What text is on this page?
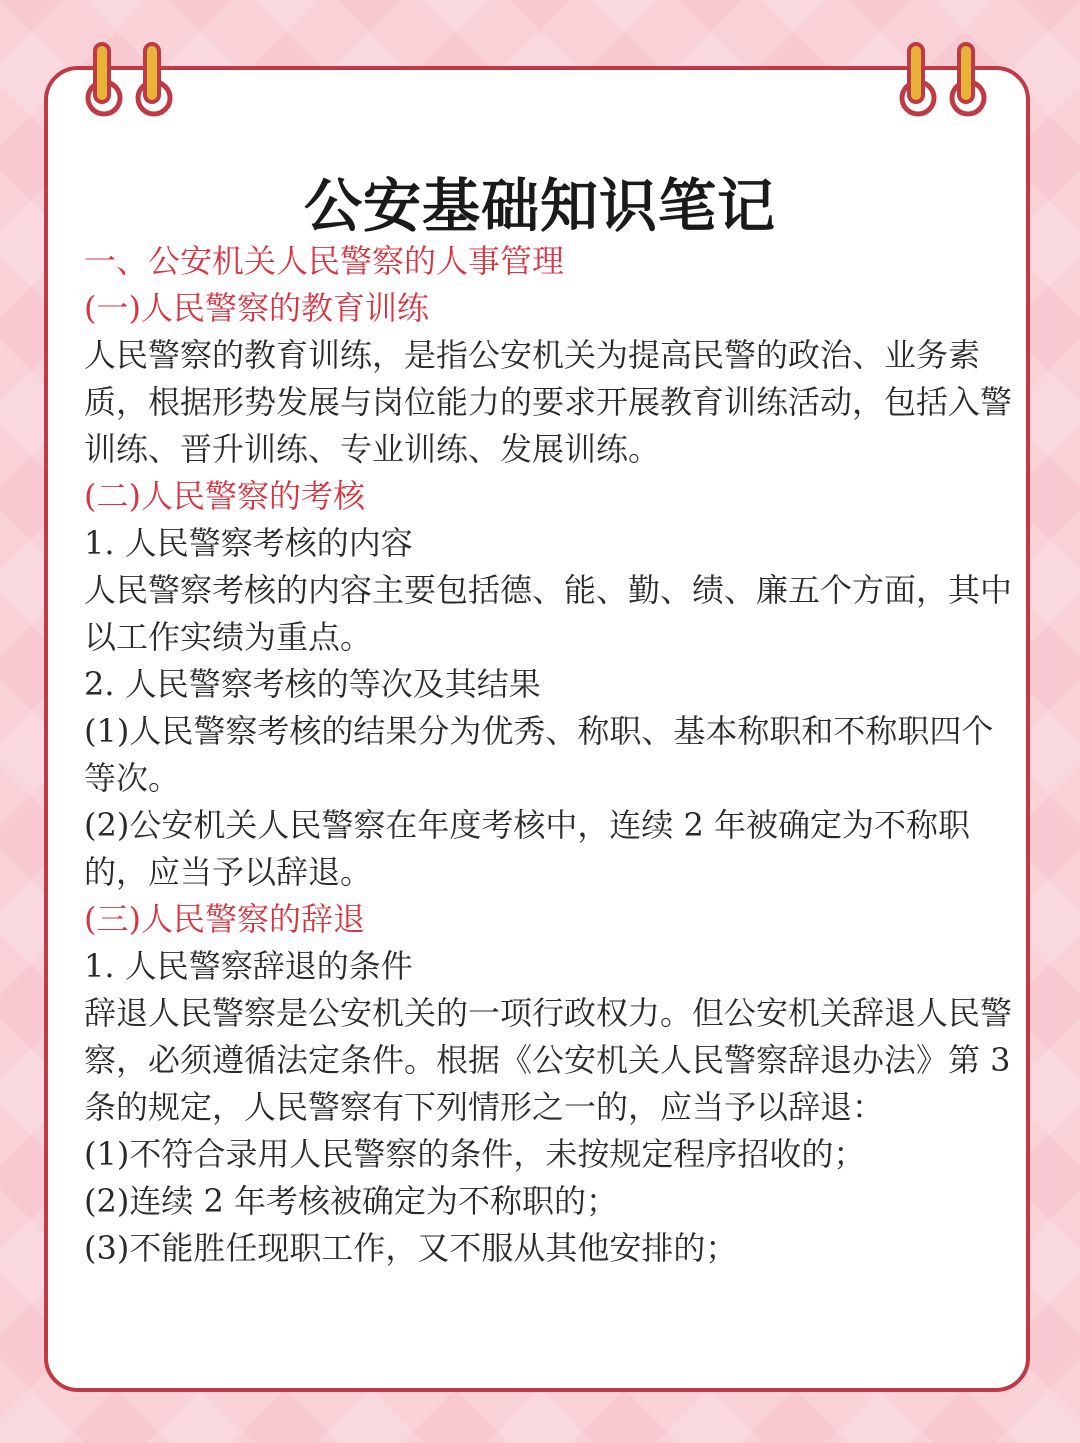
公安基础知识笔记
一、公安机关人民警察的人事管理
(一)人民警察的教育训练
人民警察的教育训练，是指公安机关为提高民警的政治、业务素
质，根据形势发展与岗位能力的要求开展教育训练活动，包括入警
训练、晋升训练、专业训练、发展训练。
(二)人民警察的考核
1. 人民警察考核的内容
人民警察考核的内容主要包括德、能、勤、绩、廉五个方面，其中
以工作实绩为重点。
2. 人民警察考核的等次及其结果
(1)人民警察考核的结果分为优秀、称职、基本称职和不称职四个
等次。
(2)公安机关人民警察在年度考核中，连续 2 年被确定为不称职
的，应当予以辞退。
(三)人民警察的辞退
1. 人民警察辞退的条件
辞退人民警察是公安机关的一项行政权力。但公安机关辞退人民警
察，必须遵循法定条件。根据《公安机关人民警察辞退办法》第 3
条的规定，人民警察有下列情形之一的，应当予以辞退：
(1)不符合录用人民警察的条件，未按规定程序招收的；
(2)连续 2 年考核被确定为不称职的；
(3)不能胜任现职工作，又不服从其他安排的；
